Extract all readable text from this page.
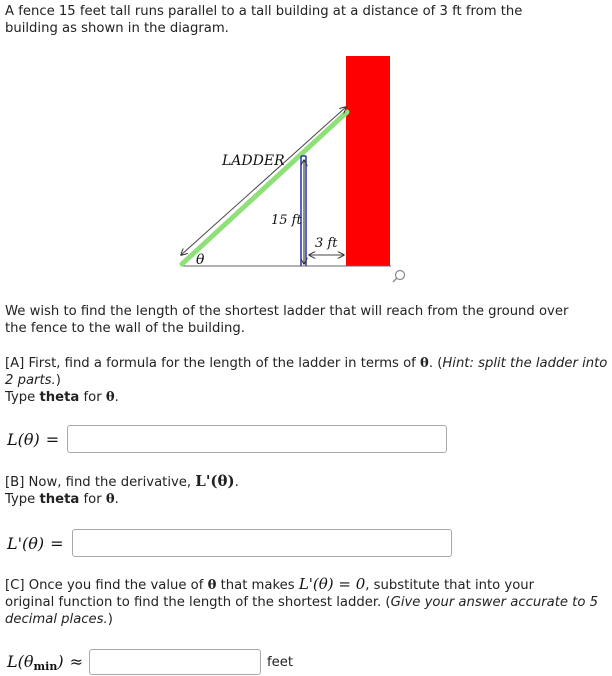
A fence 15 feet tall runs parallel to a tall building at a distance of 3 ft from the

building as shown in the diagram.

LADDER
15 ft
3 ft
θ

We wish to find the length of the shortest ladder that will reach from the ground over

the fence to the wall of the building.

[A] First, find a formula for the length of the ladder in terms of θ. (Hint: split the ladder into 2 parts.)
Type theta for θ.

L(θ) =

[B] Now, find the derivative, L'(θ).
Type theta for θ.

L'(θ) =

[C] Once you find the value of θ that makes L'(θ) = 0, substitute that into your
original function to find the length of the shortest ladder. (Give your answer accurate to 5 decimal places.)

$L(\theta_{min})$ ≈	feet
